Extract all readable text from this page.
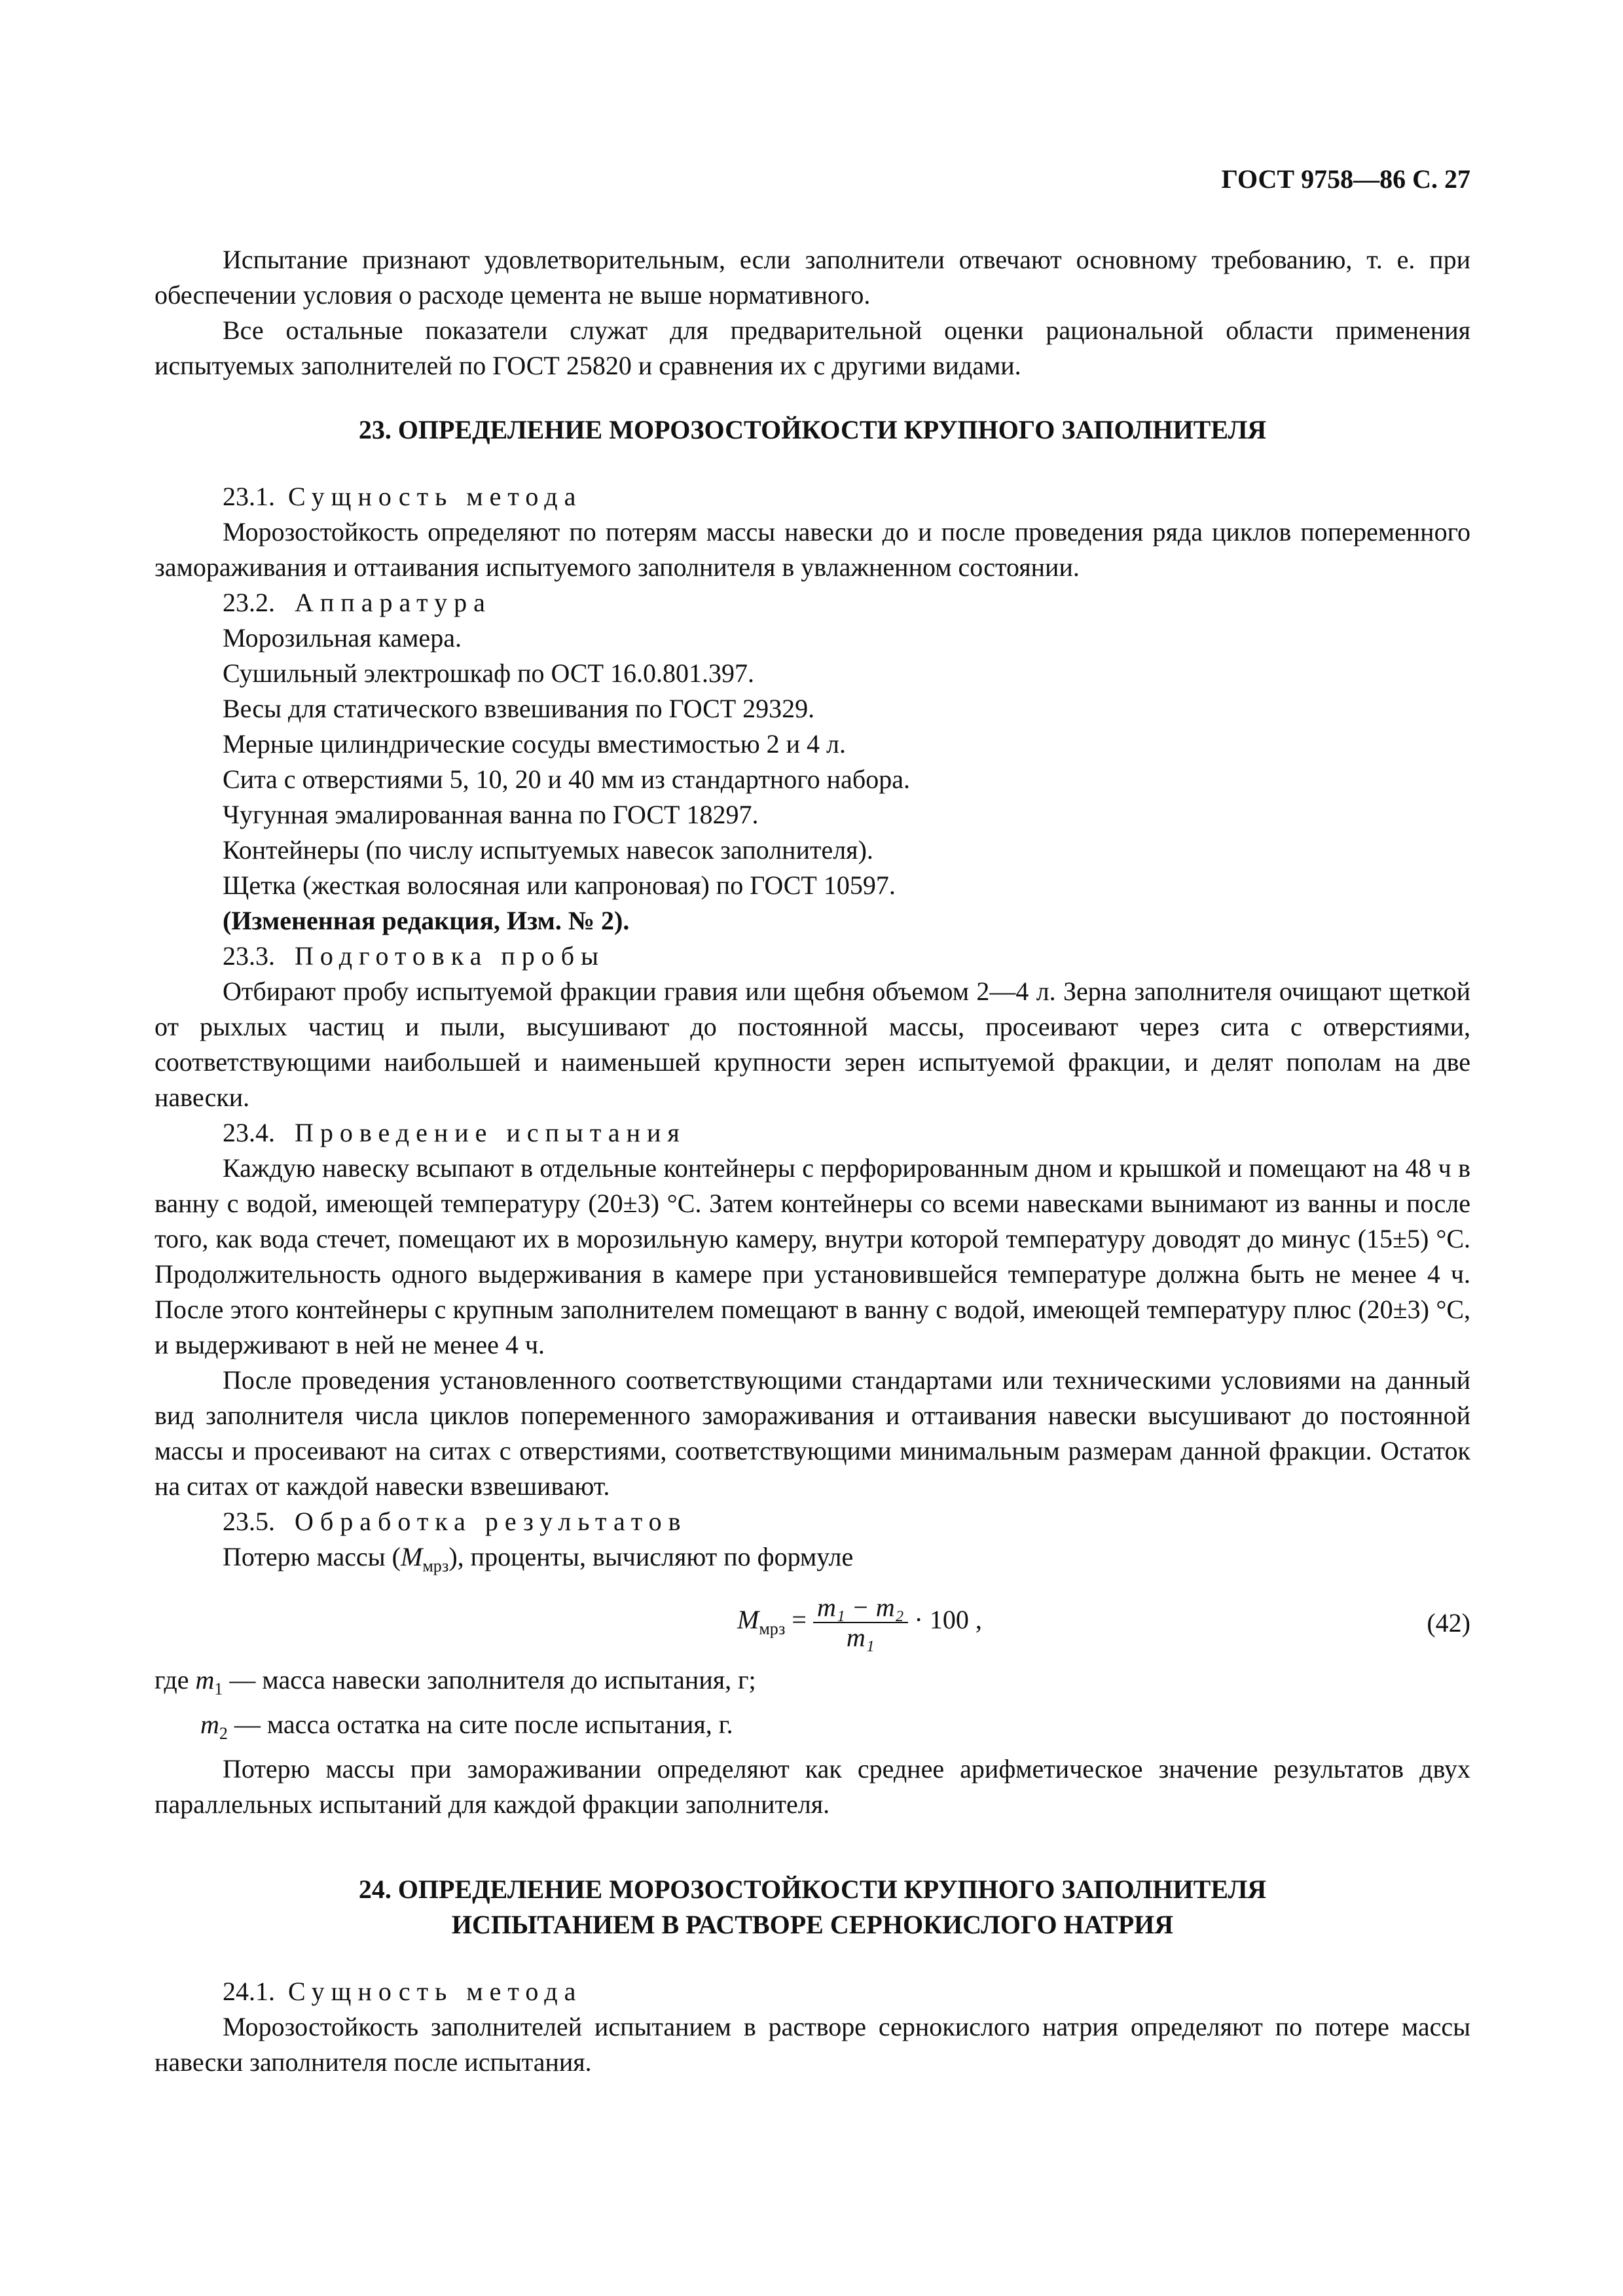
ГОСТ 9758—86 С. 27

Испытание признают удовлетворительным, если заполнители отвечают основному требованию, т. е. при обеспечении условия о расходе цемента не выше нормативного.

Все остальные показатели служат для предварительной оценки рациональной области применения испытуемых заполнителей по ГОСТ 25820 и сравнения их с другими видами.

23. ОПРЕДЕЛЕНИЕ МОРОЗОСТОЙКОСТИ КРУПНОГО ЗАПОЛНИТЕЛЯ

23.1. Сущность метода

Морозостойкость определяют по потерям массы навески до и после проведения ряда циклов попеременного замораживания и оттаивания испытуемого заполнителя в увлажненном состоянии.

23.2. Аппаратура

Морозильная камера.

Сушильный электрошкаф по ОСТ 16.0.801.397.

Весы для статического взвешивания по ГОСТ 29329.

Мерные цилиндрические сосуды вместимостью 2 и 4 л.

Сита с отверстиями 5, 10, 20 и 40 мм из стандартного набора.

Чугунная эмалированная ванна по ГОСТ 18297.

Контейнеры (по числу испытуемых навесок заполнителя).

Щетка (жесткая волосяная или капроновая) по ГОСТ 10597.

(Измененная редакция, Изм. № 2).

23.3. Подготовка пробы

Отбирают пробу испытуемой фракции гравия или щебня объемом 2—4 л. Зерна заполнителя очищают щеткой от рыхлых частиц и пыли, высушивают до постоянной массы, просеивают через сита с отверстиями, соответствующими наибольшей и наименьшей крупности зерен испытуемой фракции, и делят пополам на две навески.

23.4. Проведение испытания

Каждую навеску всыпают в отдельные контейнеры с перфорированным дном и крышкой и помещают на 48 ч в ванну с водой, имеющей температуру (20±3) °С. Затем контейнеры со всеми навесками вынимают из ванны и после того, как вода стечет, помещают их в морозильную камеру, внутри которой температуру доводят до минус (15±5) °С. Продолжительность одного выдерживания в камере при установившейся температуре должна быть не менее 4 ч. После этого контейнеры с крупным заполнителем помещают в ванну с водой, имеющей температуру плюс (20±3) °С, и выдерживают в ней не менее 4 ч.

После проведения установленного соответствующими стандартами или техническими условиями на данный вид заполнителя числа циклов попеременного замораживания и оттаивания навески высушивают до постоянной массы и просеивают на ситах с отверстиями, соответствующими минимальным размерам данной фракции. Остаток на ситах от каждой навески взвешивают.

23.5. Обработка результатов

Потерю массы $(M_{мрз})$, проценты, вычисляют по формуле

$M_{мрз} = \frac{\text{m₁ − m₂}}{\text{m₁}} \cdot 100$ ,	(42)

где $m_1$ — масса навески заполнителя до испытания, г;

$m_2$ — масса остатка на сите после испытания, г.

Потерю массы при замораживании определяют как среднее арифметическое значение результатов двух параллельных испытаний для каждой фракции заполнителя.

24. ОПРЕДЕЛЕНИЕ МОРОЗОСТОЙКОСТИ КРУПНОГО ЗАПОЛНИТЕЛЯ

ИСПЫТАНИЕМ В РАСТВОРЕ СЕРНОКИСЛОГО НАТРИЯ

24.1. Сущность метода

Морозостойкость заполнителей испытанием в растворе сернокислого натрия определяют по потере массы навески заполнителя после испытания.
